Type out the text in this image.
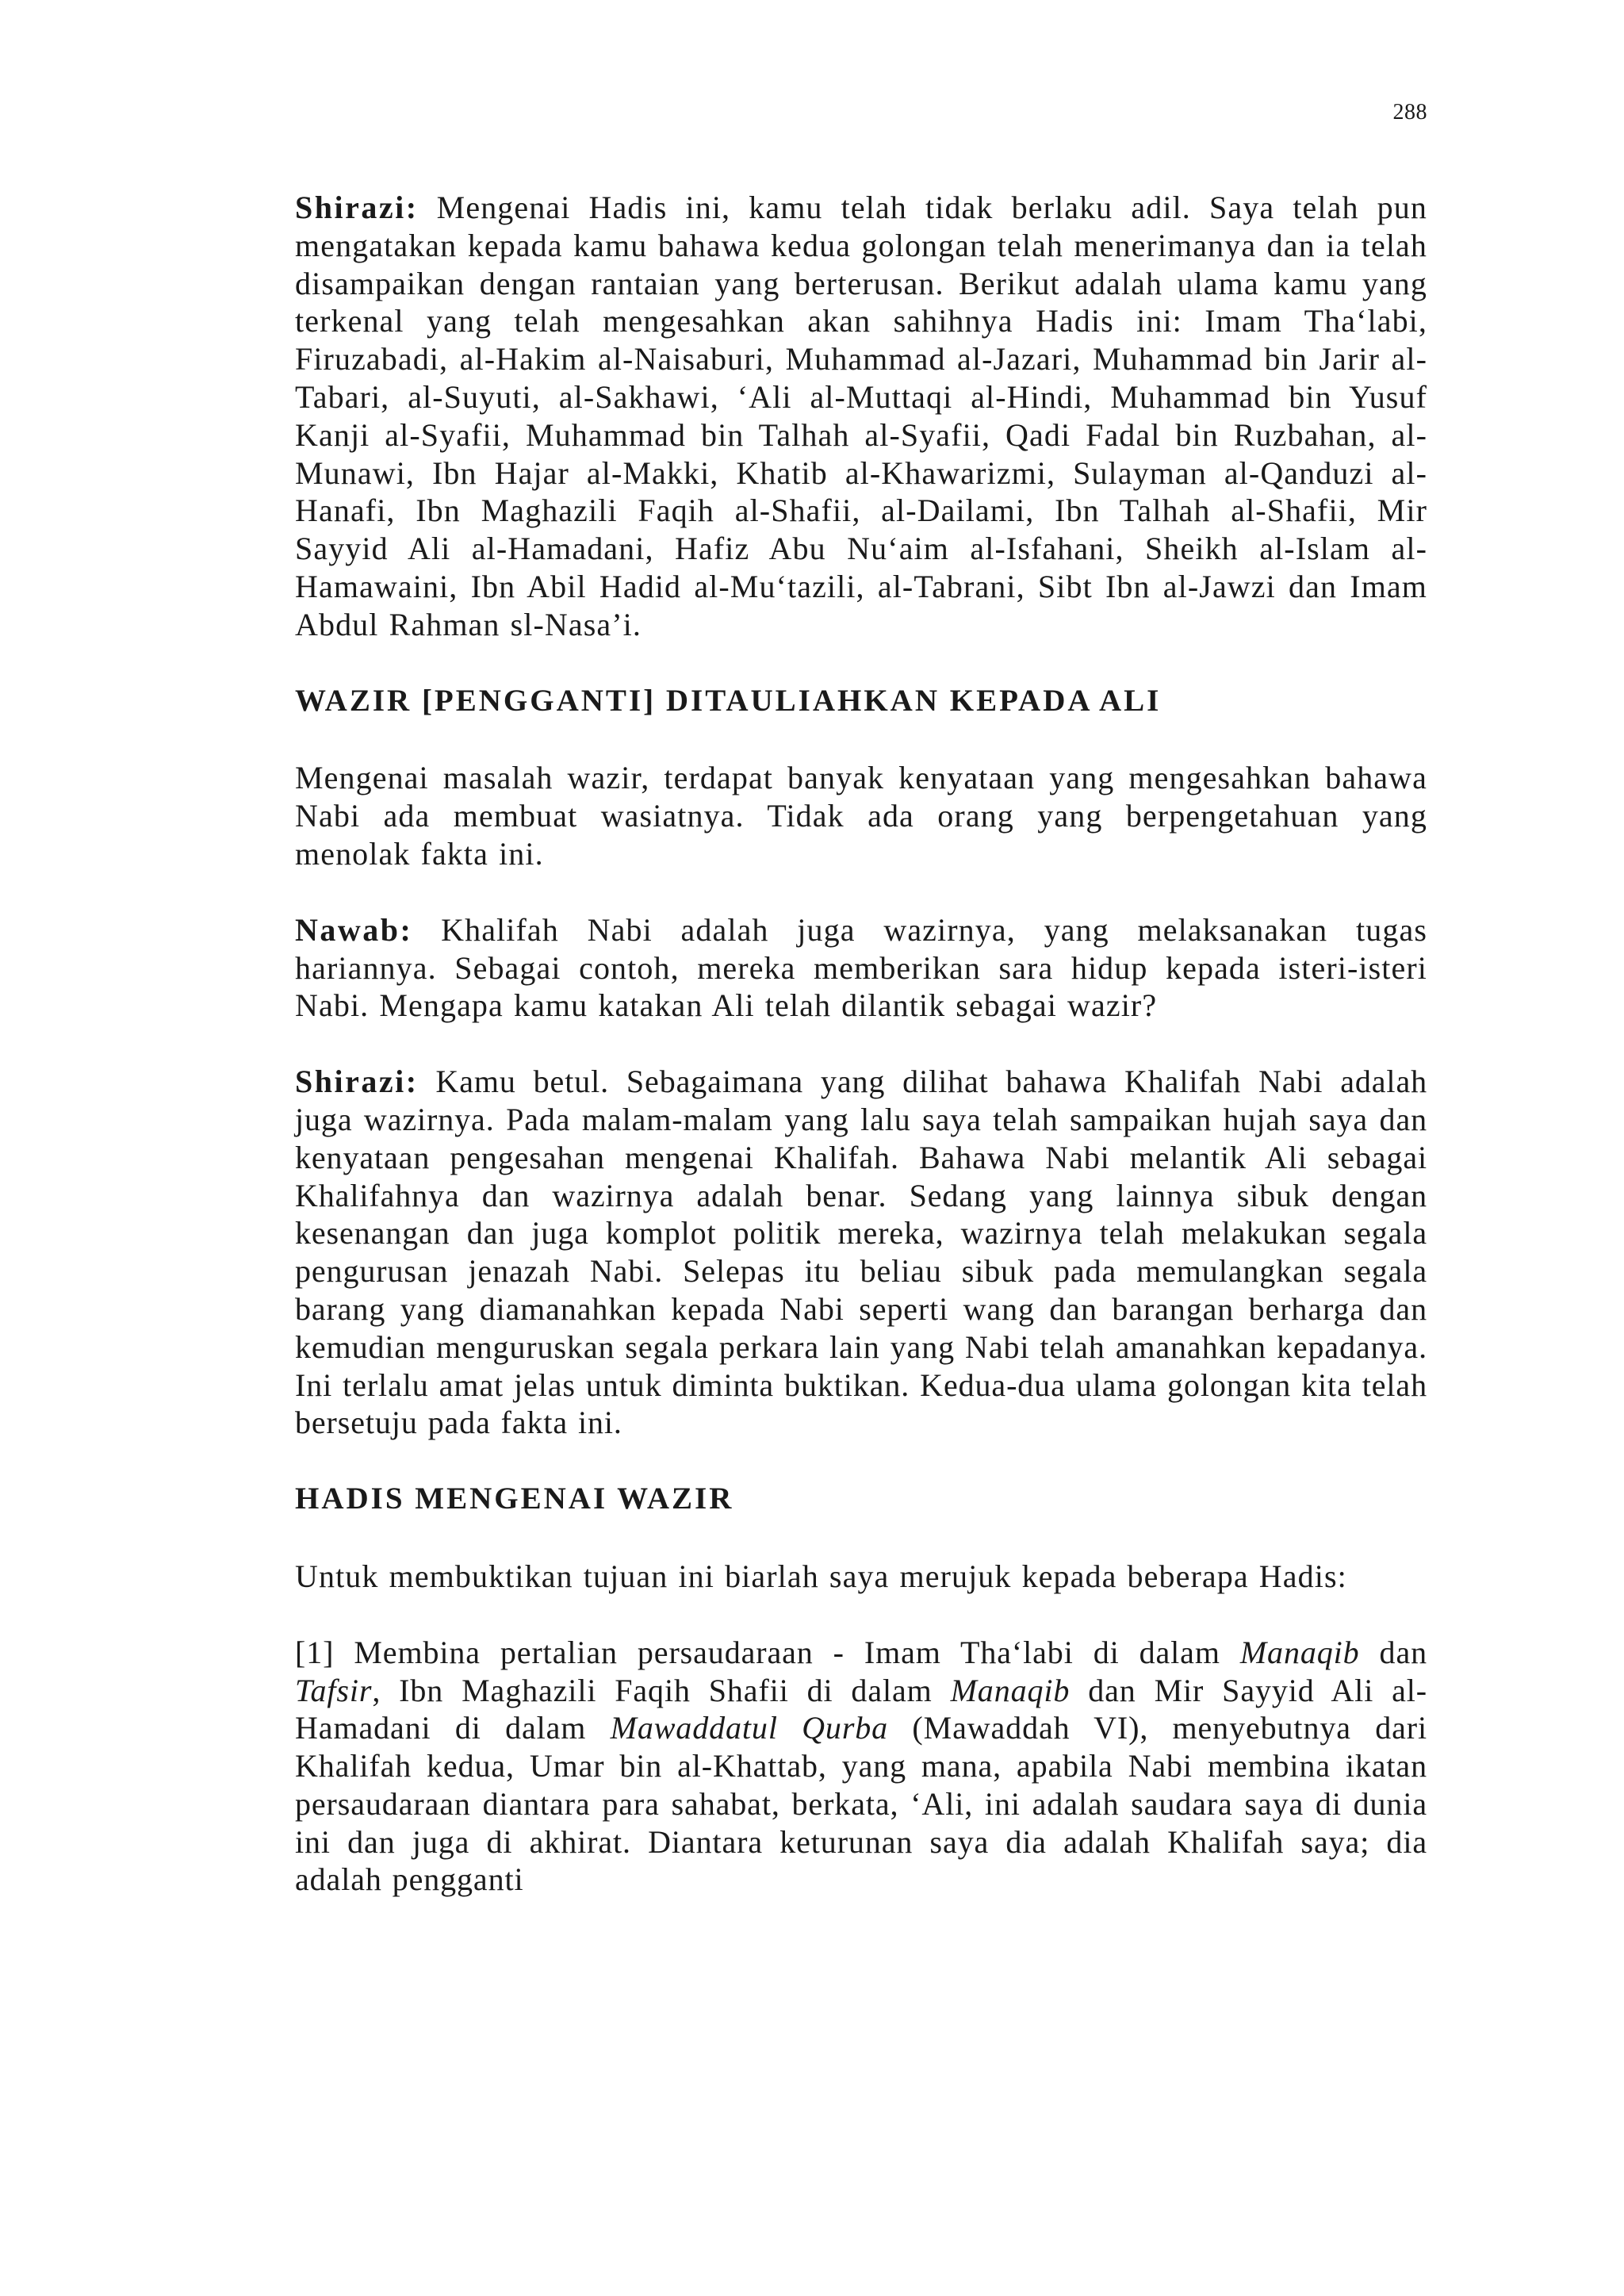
288

Shirazi: Mengenai Hadis ini, kamu telah tidak berlaku adil. Saya telah pun mengatakan kepada kamu bahawa kedua golongan telah menerimanya dan ia telah disampaikan dengan rantaian yang berterusan. Berikut adalah ulama kamu yang terkenal yang telah mengesahkan akan sahihnya Hadis ini: Imam Tha‘labi, Firuzabadi, al-Hakim al-Naisaburi, Muhammad al-Jazari, Muhammad bin Jarir al-Tabari, al-Suyuti, al-Sakhawi, ‘Ali al-Muttaqi al-Hindi, Muhammad bin Yusuf Kanji al-Syafii, Muhammad bin Talhah al-Syafii, Qadi Fadal bin Ruzbahan, al-Munawi, Ibn Hajar al-Makki, Khatib al-Khawarizmi, Sulayman al-Qanduzi al-Hanafi, Ibn Maghazili Faqih al-Shafii, al-Dailami, Ibn Talhah al-Shafii, Mir Sayyid Ali al-Hamadani, Hafiz Abu Nu‘aim al-Isfahani, Sheikh al-Islam al-Hamawaini, Ibn Abil Hadid al-Mu‘tazili, al-Tabrani, Sibt Ibn al-Jawzi dan Imam Abdul Rahman sl-Nasa’i.

WAZIR [PENGGANTI] DITAULIAHKAN KEPADA ALI

Mengenai masalah wazir, terdapat banyak kenyataan yang mengesahkan bahawa Nabi ada membuat wasiatnya. Tidak ada orang yang berpengetahuan yang menolak fakta ini.

Nawab: Khalifah Nabi adalah juga wazirnya, yang melaksanakan tugas hariannya. Sebagai contoh, mereka memberikan sara hidup kepada isteri-isteri Nabi. Mengapa kamu katakan Ali telah dilantik sebagai wazir?

Shirazi: Kamu betul. Sebagaimana yang dilihat bahawa Khalifah Nabi adalah juga wazirnya. Pada malam-malam yang lalu saya telah sampaikan hujah saya dan kenyataan pengesahan mengenai Khalifah. Bahawa Nabi melantik Ali sebagai Khalifahnya dan wazirnya adalah benar. Sedang yang lainnya sibuk dengan kesenangan dan juga komplot politik mereka, wazirnya telah melakukan segala pengurusan jenazah Nabi. Selepas itu beliau sibuk pada memulangkan segala barang yang diamanahkan kepada Nabi seperti wang dan barangan berharga dan kemudian menguruskan segala perkara lain yang Nabi telah amanahkan kepadanya. Ini terlalu amat jelas untuk diminta buktikan. Kedua-dua ulama golongan kita telah bersetuju pada fakta ini.

HADIS MENGENAI WAZIR

Untuk membuktikan tujuan ini biarlah saya merujuk kepada beberapa Hadis:

[1] Membina pertalian persaudaraan - Imam Tha‘labi di dalam Manaqib dan Tafsir, Ibn Maghazili Faqih Shafii di dalam Manaqib dan Mir Sayyid Ali al-Hamadani di dalam Mawaddatul Qurba (Mawaddah VI), menyebutnya dari Khalifah kedua, Umar bin al-Khattab, yang mana, apabila Nabi membina ikatan persaudaraan diantara para sahabat, berkata, ‘Ali, ini adalah saudara saya di dunia ini dan juga di akhirat. Diantara keturunan saya dia adalah Khalifah saya; dia adalah pengganti
